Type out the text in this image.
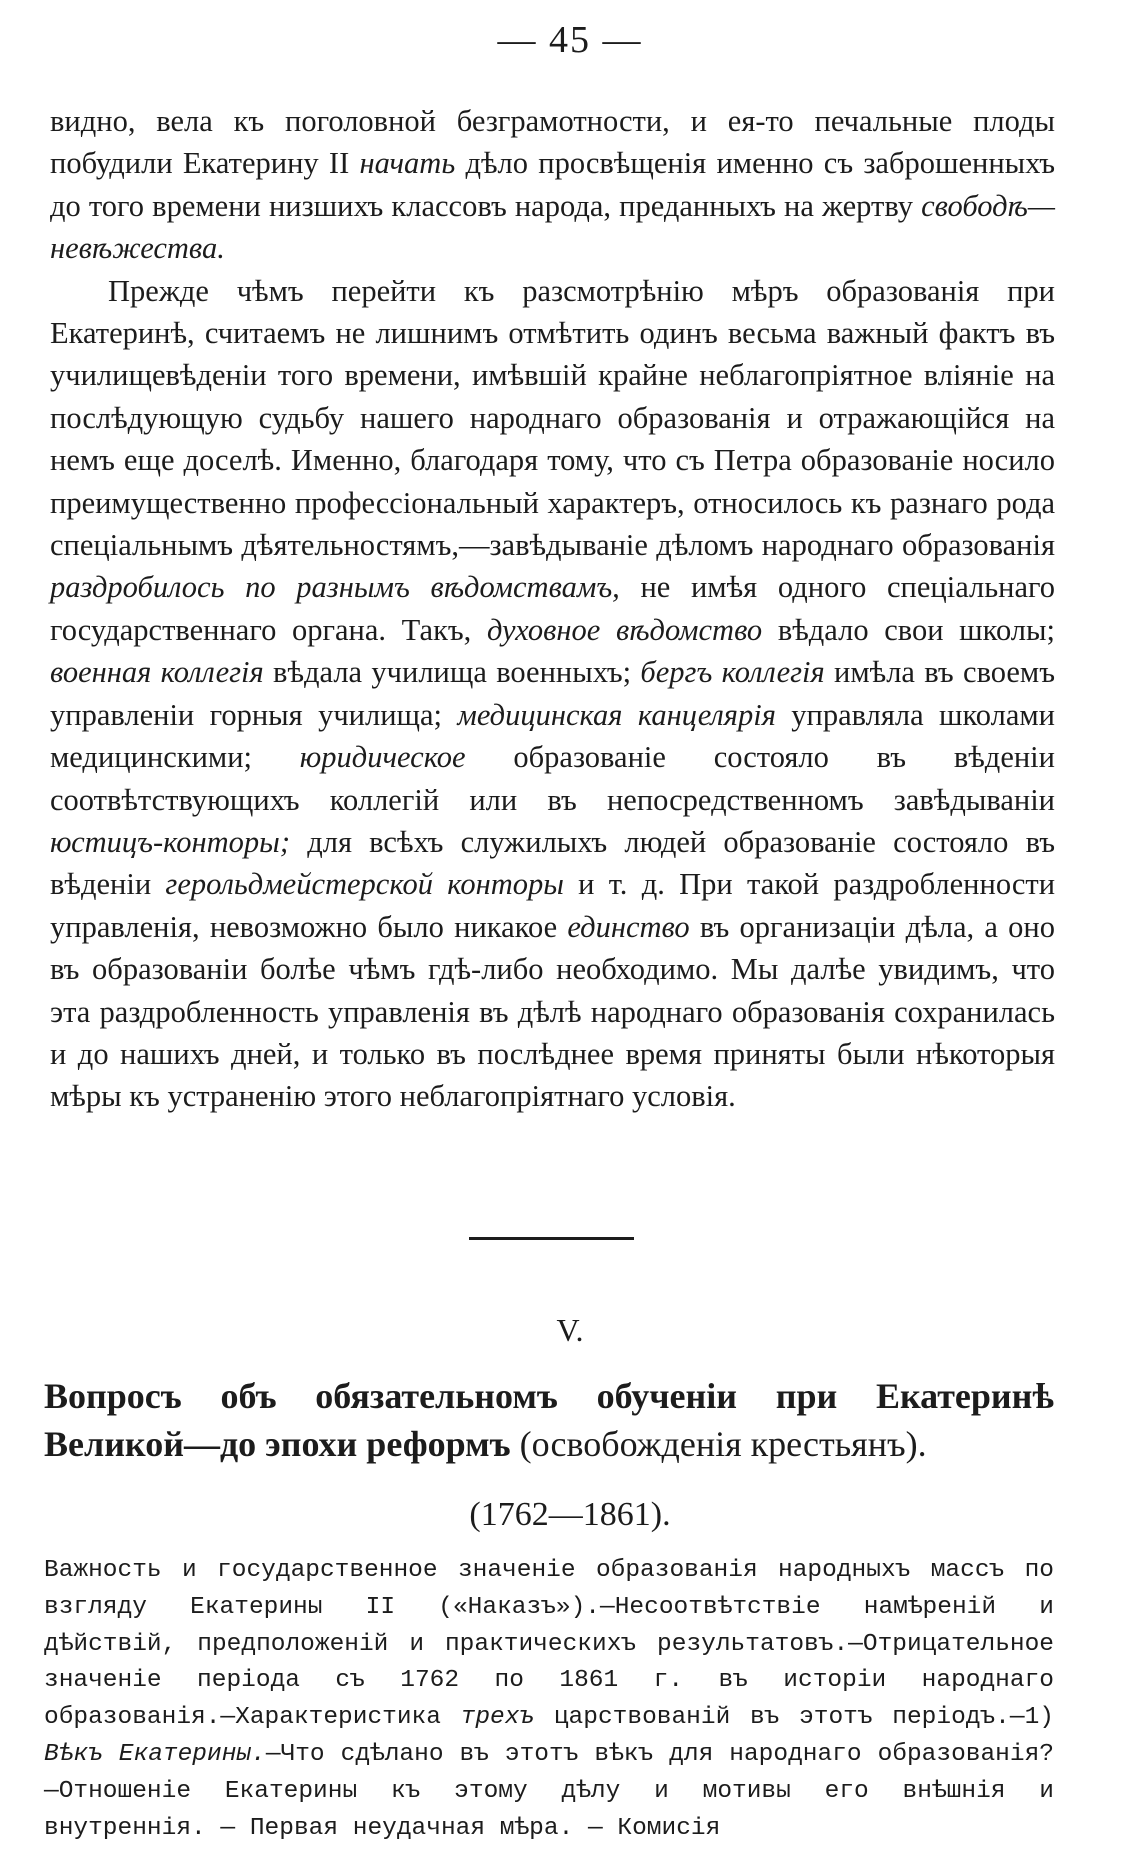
— 45 —

видно, вела къ поголовной безграмотности, и ея-то печальные плоды побудили Екатерину II начать дѣло просвѣщенія именно съ заброшенныхъ до того времени низшихъ классовъ народа, преданныхъ на жертву свободѣ—невѣжества.

Прежде чѣмъ перейти къ разсмотрѣнію мѣръ образованія при Екатеринѣ, считаемъ не лишнимъ отмѣтить одинъ весьма важный фактъ въ училищевѣденіи того времени, имѣвшій крайне неблагопріятное вліяніе на послѣдующую судьбу нашего народнаго образованія и отражающійся на немъ еще доселѣ. Именно, благодаря тому, что съ Петра образованіе носило преимущественно профессіональный характеръ, относилось къ разнаго рода спеціальнымъ дѣятельностямъ,—завѣдываніе дѣломъ народнаго образованія раздробилось по разнымъ вѣдомствамъ, не имѣя одного спеціальнаго государственнаго органа. Такъ, духовное вѣдомство вѣдало свои школы; военная коллегія вѣдала училища военныхъ; бергъ коллегія имѣла въ своемъ управленіи горныя училища; медицинская канцелярія управляла школами медицинскими; юридическое образованіе состояло въ вѣденіи соотвѣтствующихъ коллегій или въ непосредственномъ завѣдываніи юстицъ-конторы; для всѣхъ служилыхъ людей образованіе состояло въ вѣденіи герольдмейстерской конторы и т. д. При такой раздробленности управленія, невозможно было никакое единство въ организаціи дѣла, а оно въ образованіи болѣе чѣмъ гдѣ-либо необходимо. Мы далѣе увидимъ, что эта раздробленность управленія въ дѣлѣ народнаго образованія сохранилась и до нашихъ дней, и только въ послѣднее время приняты были нѣкоторыя мѣры къ устраненію этого неблагопріятнаго условія.

V.
Вопросъ объ обязательномъ обученіи при Екатеринѣ Великой—до эпохи реформъ (освобожденія крестьянъ).
(1762—1861).

Важность и государственное значеніе образованія народныхъ массъ по взгляду Екатерины II («Наказъ»).—Несоотвѣтствіе намѣреній и дѣйствій, предположеній и практическихъ результатовъ.—Отрицательное значеніе періода съ 1762 по 1861 г. въ исторіи народнаго образованія.—Характеристика трехъ царствованій въ этотъ періодъ.—1) Вѣкъ Екатерины.—Что сдѣлано въ этотъ вѣкъ для народнаго образованія?—Отношеніе Екатерины къ этому дѣлу и мотивы его внѣшнія и внутреннія. — Первая неудачная мѣра. — Комисія
